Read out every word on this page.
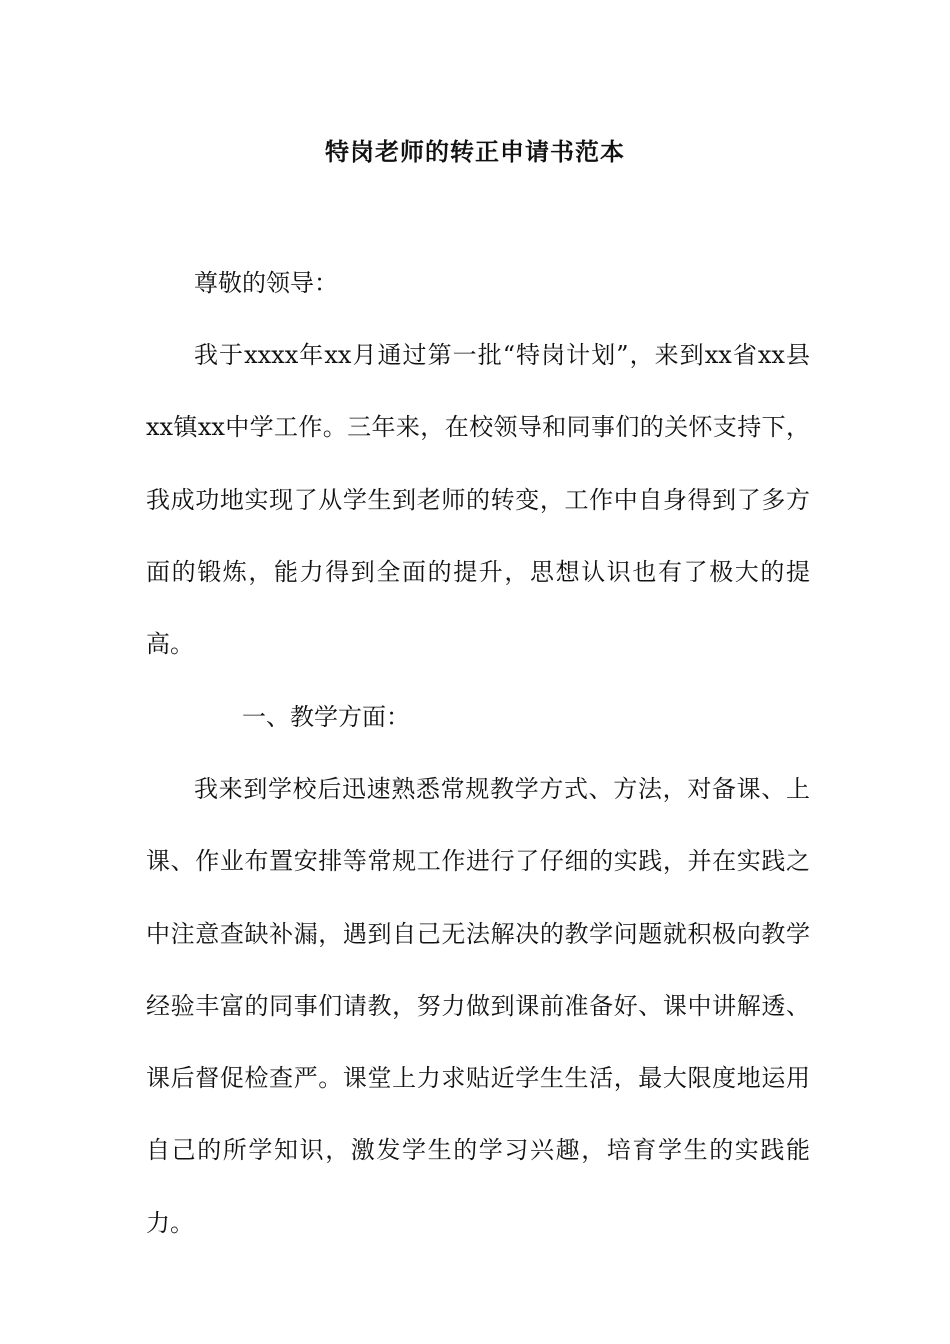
特岗老师的转正申请书范本

尊敬的领导：

我于xxxx年xx月通过第一批“特岗计划”，来到xx省xx县xx镇xx中学工作。三年来，在校领导和同事们的关怀支持下，我成功地实现了从学生到老师的转变，工作中自身得到了多方面的锻炼，能力得到全面的提升，思想认识也有了极大的提高。

一、教学方面：

我来到学校后迅速熟悉常规教学方式、方法，对备课、上课、作业布置安排等常规工作进行了仔细的实践，并在实践之中注意查缺补漏，遇到自己无法解决的教学问题就积极向教学经验丰富的同事们请教，努力做到课前准备好、课中讲解透、课后督促检查严。课堂上力求贴近学生生活，最大限度地运用自己的所学知识，激发学生的学习兴趣，培育学生的实践能力。
